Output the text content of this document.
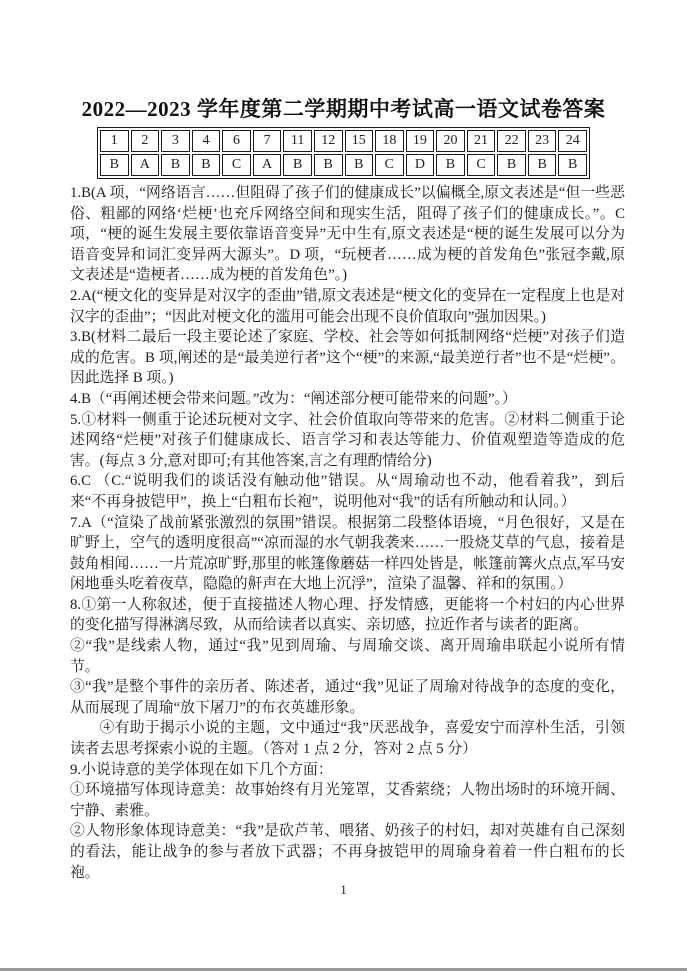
2022—2023 学年度第二学期期中考试高一语文试卷答案
1	2	3	4	6	7	11	12	15	18	19	20	21	22	23	24
B	A	B	B	C	A	B	B	B	C	D	B	C	B	B	B

1.B(A 项，“网络语言……但阻碍了孩子们的健康成长”以偏概全,原文表述是“但一些恶俗、粗鄙的网络‘烂梗’也充斥网络空间和现实生活，阻碍了孩子们的健康成长。”。C 项，“梗的诞生发展主要依靠语音变异”无中生有,原文表述是“梗的诞生发展可以分为语音变异和词汇变异两大源头”。D 项，“玩梗者……成为梗的首发角色”张冠李戴,原文表述是“造梗者……成为梗的首发角色”。)

2.A(“梗文化的变异是对汉字的歪曲”错,原文表述是“梗文化的变异在一定程度上也是对汉字的歪曲”；“因此对梗文化的滥用可能会出现不良价值取向”强加因果。)

3.B(材料二最后一段主要论述了家庭、学校、社会等如何抵制网络“烂梗”对孩子们造成的危害。B 项,阐述的是“最美逆行者”这个“梗”的来源,“最美逆行者”也不是“烂梗”。因此选择 B 项。)

4.B（“再阐述梗会带来问题。”改为：“阐述部分梗可能带来的问题”。）

5.①材料一侧重于论述玩梗对文字、社会价值取向等带来的危害。②材料二侧重于论述网络“烂梗”对孩子们健康成长、语言学习和表达等能力、价值观塑造等造成的危害。(每点 3 分,意对即可;有其他答案,言之有理酌情给分)

6.C （C.“说明我们的谈话没有触动他”错误。从“周瑜动也不动，他看着我”，到后来“不再身披铠甲”，换上“白粗布长袍”，说明他对“我”的话有所触动和认同。）

7.A（“渲染了战前紧张激烈的氛围”错误。根据第二段整体语境，“月色很好，又是在旷野上，空气的透明度很高”“凉而湿的水气朝我袭来……一股烧艾草的气息，接着是鼓角相闻……一片荒凉旷野,那里的帐篷像蘑菇一样四处皆是，帐篷前篝火点点,军马安闲地垂头吃着夜草，隐隐的鼾声在大地上沉浮”，渲染了温馨、祥和的氛围。）

8.①第一人称叙述，便于直接描述人物心理、抒发情感，更能将一个村妇的内心世界的变化描写得淋漓尽致，从而给读者以真实、亲切感，拉近作者与读者的距离。

②“我”是线索人物，通过“我”见到周瑜、与周瑜交谈、离开周瑜串联起小说所有情节。

③“我”是整个事件的亲历者、陈述者，通过“我”见证了周瑜对待战争的态度的变化，从而展现了周瑜“放下屠刀”的布衣英雄形象。

④有助于揭示小说的主题，文中通过“我”厌恶战争，喜爱安宁而淳朴生活，引领读者去思考探索小说的主题。（答对 1 点 2 分，答对 2 点 5 分）

9.小说诗意的美学体现在如下几个方面：

①环境描写体现诗意美：故事始终有月光笼罩，艾香萦绕；人物出场时的环境开阔、宁静、素雅。

②人物形象体现诗意美：“我”是砍芦苇、喂猪、奶孩子的村妇，却对英雄有自己深刻的看法，能让战争的参与者放下武器；不再身披铠甲的周瑜身着着一件白粗布的长袍。

1
